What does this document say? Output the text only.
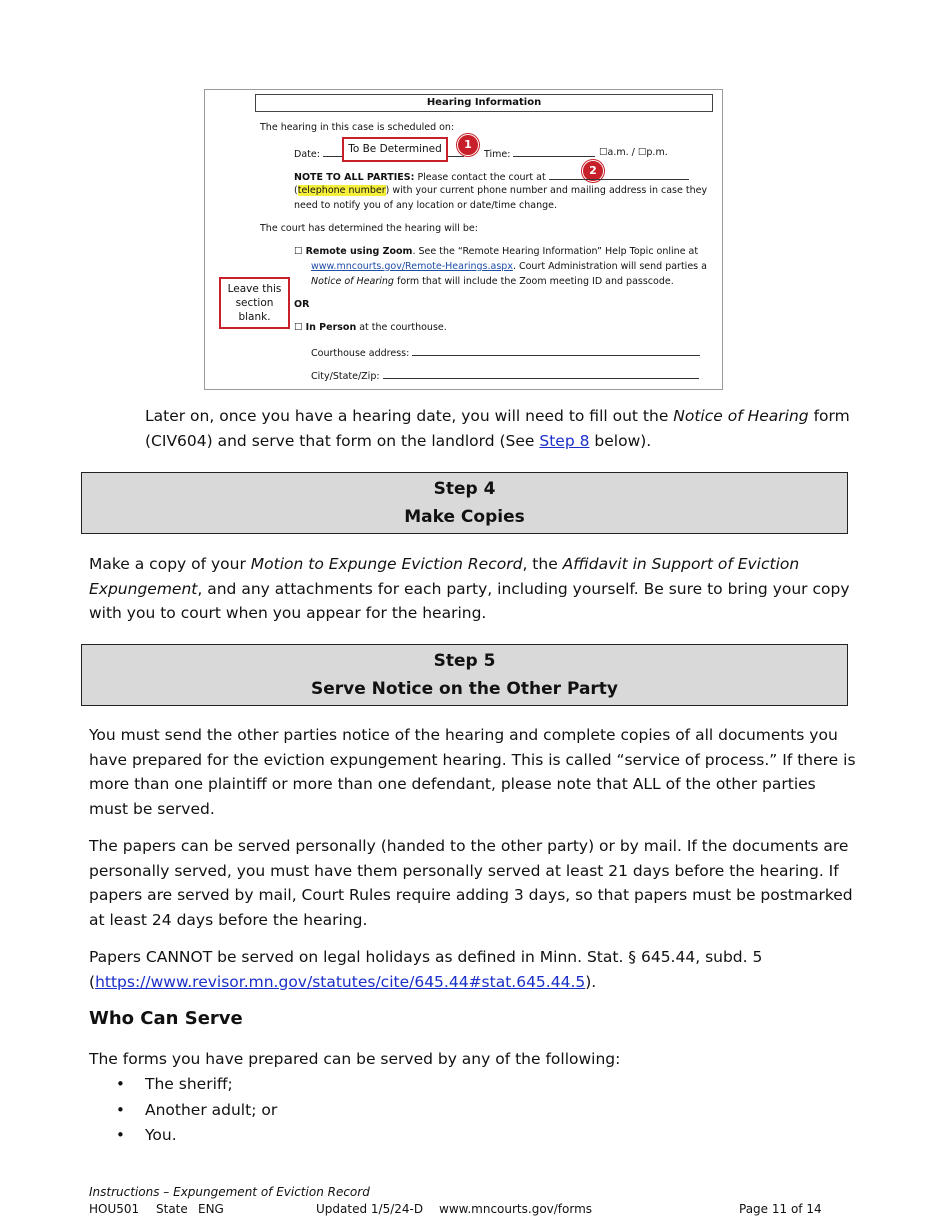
Hearing Information
The hearing in this case is scheduled on:
Date:	To Be Determined	1
Time:	☐a.m. / ☐p.m.
2
NOTE TO ALL PARTIES: Please contact the court at
(telephone number) with your current phone number and mailing address in case they
need to notify you of any location or date/time change.
The court has determined the hearing will be:
☐ Remote using Zoom. See the “Remote Hearing Information” Help Topic online at
www.mncourts.gov/Remote-Hearings.aspx. Court Administration will send parties a
Notice of Hearing form that will include the Zoom meeting ID and passcode.
OR
☐ In Person at the courthouse.
Courthouse address:
City/State/Zip:
Leave this section blank.
Later on, once you have a hearing date, you will need to fill out the Notice of Hearing form
(CIV604) and serve that form on the landlord (See Step 8 below).
Step 4
Make Copies
Make a copy of your Motion to Expunge Eviction Record, the Affidavit in Support of Eviction
Expungement, and any attachments for each party, including yourself. Be sure to bring your copy
with you to court when you appear for the hearing.
Step 5
Serve Notice on the Other Party
You must send the other parties notice of the hearing and complete copies of all documents you
have prepared for the eviction expungement hearing. This is called “service of process.” If there is
more than one plaintiff or more than one defendant, please note that ALL of the other parties
must be served.
The papers can be served personally (handed to the other party) or by mail. If the documents are
personally served, you must have them personally served at least 21 days before the hearing. If
papers are served by mail, Court Rules require adding 3 days, so that papers must be postmarked
at least 24 days before the hearing.
Papers CANNOT be served on legal holidays as defined in Minn. Stat. § 645.44, subd. 5
(https://www.revisor.mn.gov/statutes/cite/645.44#stat.645.44.5).
Who Can Serve
The forms you have prepared can be served by any of the following:
• The sheriff;
• Another adult; or
• You.
Instructions – Expungement of Eviction Record
HOU501 State ENG	Updated 1/5/24-D www.mncourts.gov/forms	Page 11 of 14
